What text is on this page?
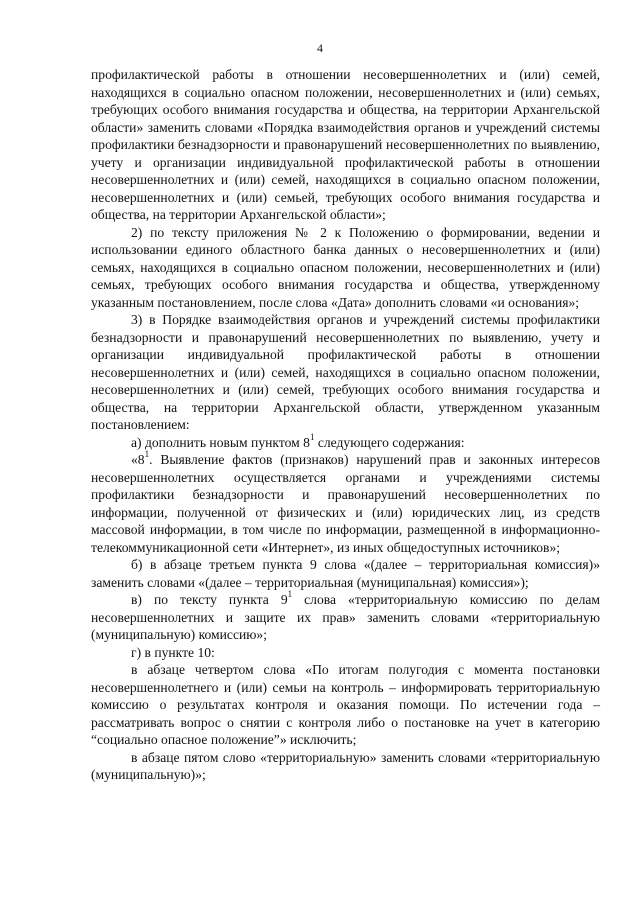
4

профилактической работы в отношении несовершеннолетних и (или) семей, находящихся в социально опасном положении, несовершеннолетних и (или) семьях, требующих особого внимания государства и общества, на территории Архангельской области» заменить словами «Порядка взаимодействия органов и учреждений системы профилактики безнадзорности и правонарушений несовершеннолетних по выявлению, учету и организации индивидуальной профилактической работы в отношении несовершеннолетних и (или) семей, находящихся в социально опасном положении, несовершеннолетних и (или) семьей, требующих особого внимания государства и общества, на территории Архангельской области»;

2) по тексту приложения № 2 к Положению о формировании, ведении и использовании единого областного банка данных о несовершеннолетних и (или) семьях, находящихся в социально опасном положении, несовершеннолетних и (или) семьях, требующих особого внимания государства и общества, утвержденному указанным постановлением, после слова «Дата» дополнить словами «и основания»;

3) в Порядке взаимодействия органов и учреждений системы профилактики безнадзорности и правонарушений несовершеннолетних по выявлению, учету и организации индивидуальной профилактической работы в отношении несовершеннолетних и (или) семей, находящихся в социально опасном положении, несовершеннолетних и (или) семей, требующих особого внимания государства и общества, на территории Архангельской области, утвержденном указанным постановлением:

а) дополнить новым пунктом $8^1$ следующего содержания:

«$8^1$. Выявление фактов (признаков) нарушений прав и законных интересов несовершеннолетних осуществляется органами и учреждениями системы профилактики безнадзорности и правонарушений несовершеннолетних по информации, полученной от физических и (или) юридических лиц, из средств массовой информации, в том числе по информации, размещенной в информационно-телекоммуникационной сети «Интернет», из иных общедоступных источников»;

б) в абзаце третьем пункта 9 слова «(далее – территориальная комиссия)» заменить словами «(далее – территориальная (муниципальная) комиссия»);

в) по тексту пункта $9^1$ слова «территориальную комиссию по делам несовершеннолетних и защите их прав» заменить словами «территориальную (муниципальную) комиссию»;

г) в пункте 10:

в абзаце четвертом слова «По итогам полугодия с момента постановки несовершеннолетнего и (или) семьи на контроль – информировать территориальную комиссию о результатах контроля и оказания помощи. По истечении года – рассматривать вопрос о снятии с контроля либо о постановке на учет в категорию “социально опасное положение”» исключить;

в абзаце пятом слово «территориальную» заменить словами «территориальную (муниципальную)»;
